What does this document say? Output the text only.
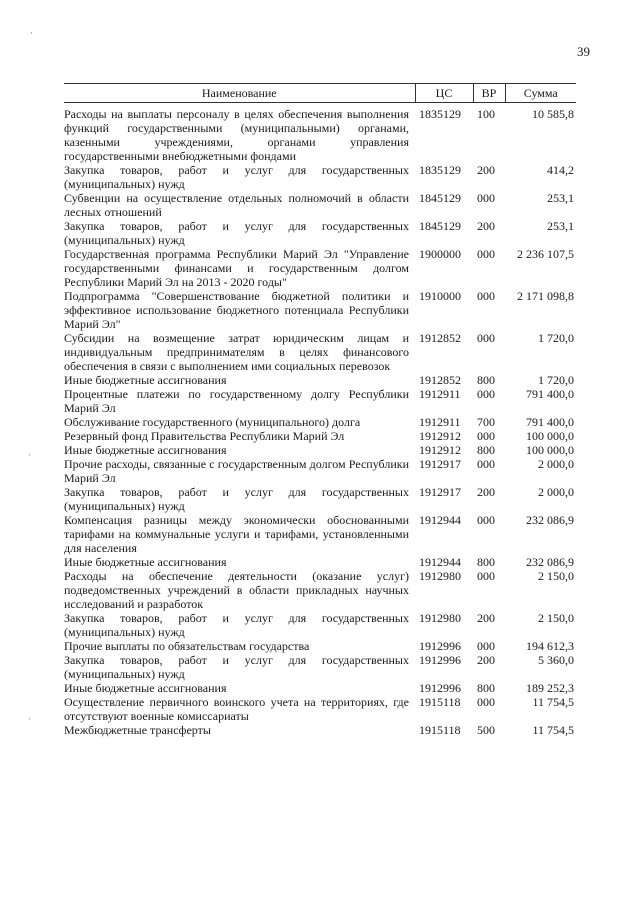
39
ˈ
ˈ
ˈ
Наименование	ЦС	ВР	Сумма
Расходы на выплаты персоналу в целях обеспечения выполнения функций государственными (муниципальными) органами, казенными учреждениями, органами управления государственными внебюджетными фондами	1835129	100	10 585,8
Закупка товаров, работ и услуг для государственных (муниципальных) нужд	1835129	200	414,2
Субвенции на осуществление отдельных полномочий в области лесных отношений	1845129	000	253,1
Закупка товаров, работ и услуг для государственных (муниципальных) нужд	1845129	200	253,1
Государственная программа Республики Марий Эл "Управление государственными финансами и государственным долгом Республики Марий Эл на 2013 - 2020 годы"	1900000	000	2 236 107,5
Подпрограмма "Совершенствование бюджетной политики и эффективное использование бюджетного потенциала Республики Марий Эл"	1910000	000	2 171 098,8
Субсидии на возмещение затрат юридическим лицам и индивидуальным предпринимателям в целях финансового обеспечения в связи с выполнением ими социальных перевозок	1912852	000	1 720,0
Иные бюджетные ассигнования	1912852	800	1 720,0
Процентные платежи по государственному долгу Республики Марий Эл	1912911	000	791 400,0
Обслуживание государственного (муниципального) долга	1912911	700	791 400,0
Резервный фонд Правительства Республики Марий Эл	1912912	000	100 000,0
Иные бюджетные ассигнования	1912912	800	100 000,0
Прочие расходы, связанные с государственным долгом Республики Марий Эл	1912917	000	2 000,0
Закупка товаров, работ и услуг для государственных (муниципальных) нужд	1912917	200	2 000,0
Компенсация разницы между экономически обоснованными тарифами на коммунальные услуги и тарифами, установленными для населения	1912944	000	232 086,9
Иные бюджетные ассигнования	1912944	800	232 086,9
Расходы на обеспечение деятельности (оказание услуг) подведомственных учреждений в области прикладных научных исследований и разработок	1912980	000	2 150,0
Закупка товаров, работ и услуг для государственных (муниципальных) нужд	1912980	200	2 150,0
Прочие выплаты по обязательствам государства	1912996	000	194 612,3
Закупка товаров, работ и услуг для государственных (муниципальных) нужд	1912996	200	5 360,0
Иные бюджетные ассигнования	1912996	800	189 252,3
Осуществление первичного воинского учета на территориях, где отсутствуют военные комиссариаты	1915118	000	11 754,5
Межбюджетные трансферты	1915118	500	11 754,5
